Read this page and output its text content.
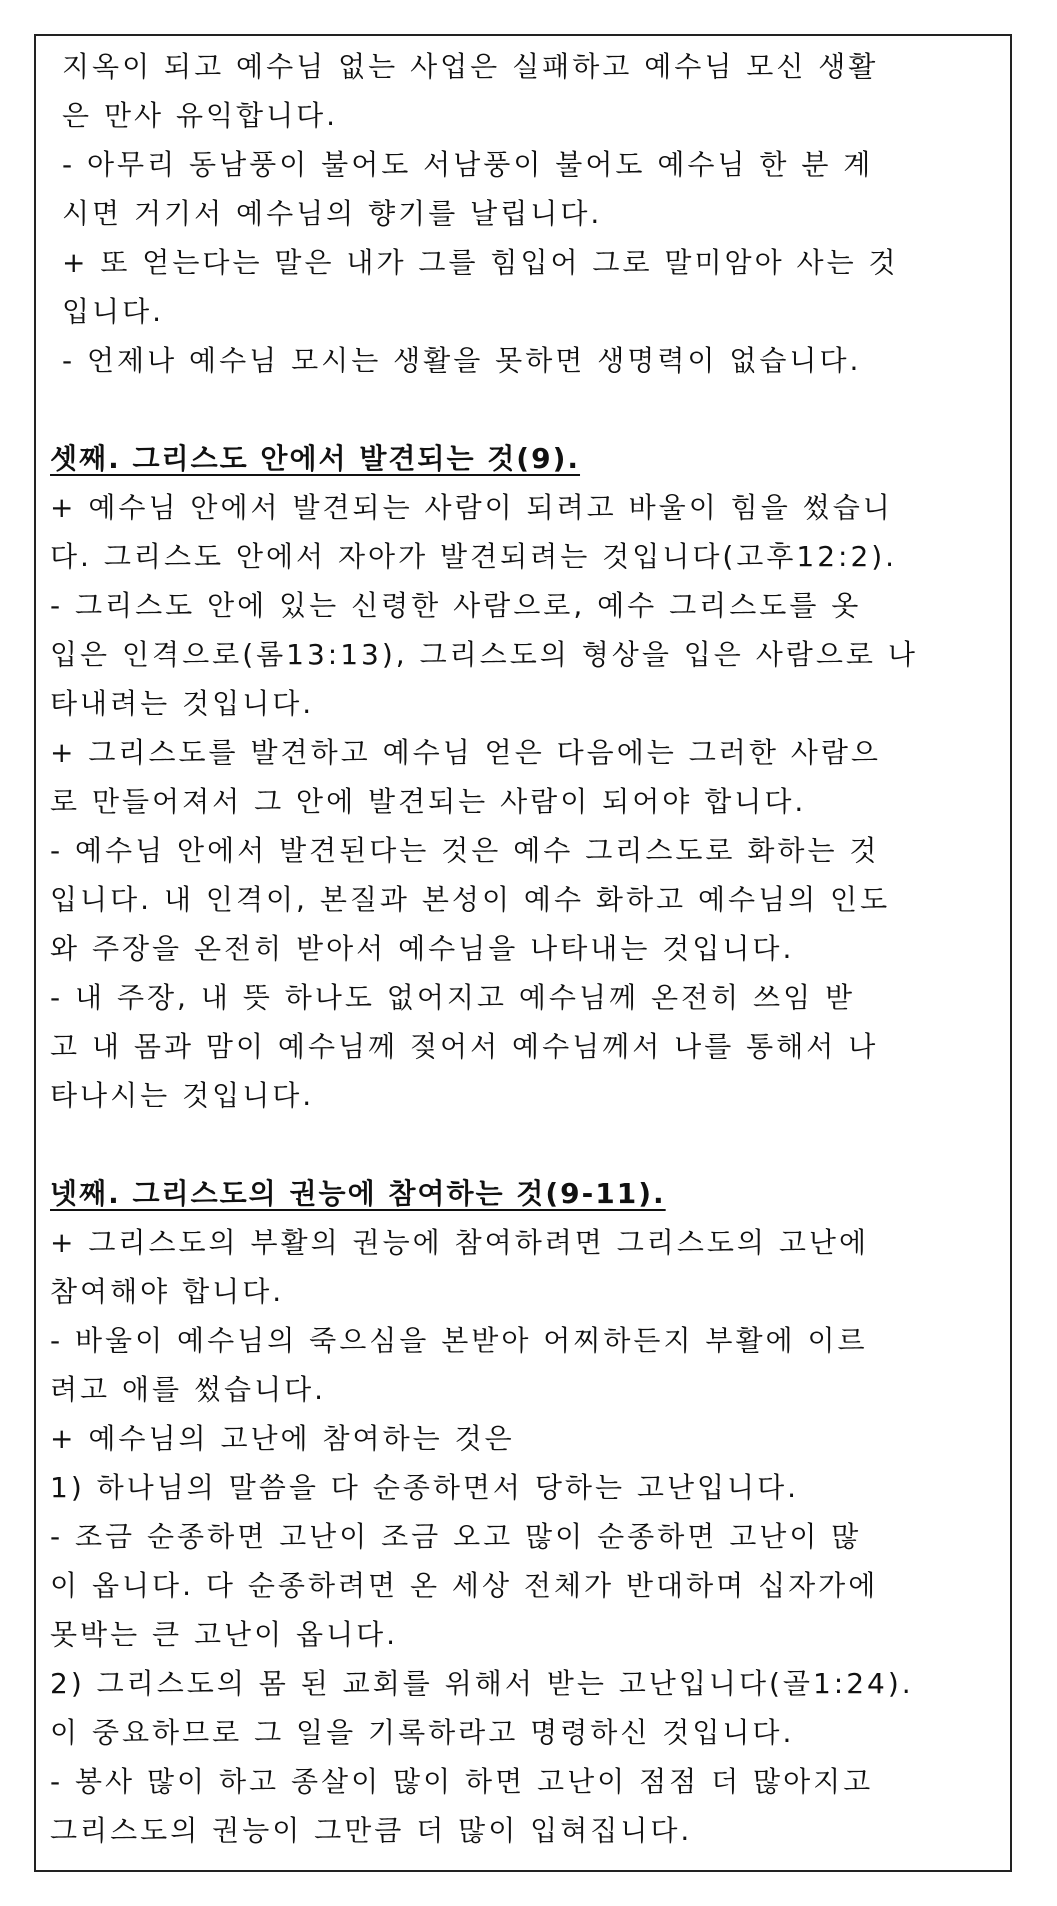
지옥이 되고 예수님 없는 사업은 실패하고 예수님 모신 생활
은 만사 유익합니다.
- 아무리 동남풍이 불어도 서남풍이 불어도 예수님 한 분 계
시면 거기서 예수님의 향기를 날립니다.
+ 또 얻는다는 말은 내가 그를 힘입어 그로 말미암아 사는 것
입니다.
- 언제나 예수님 모시는 생활을 못하면 생명력이 없습니다.
셋째. 그리스도 안에서 발견되는 것(9).
+ 예수님 안에서 발견되는 사람이 되려고 바울이 힘을 썼습니
다. 그리스도 안에서 자아가 발견되려는 것입니다(고후12:2).
- 그리스도 안에 있는 신령한 사람으로, 예수 그리스도를 옷
입은 인격으로(롬13:13), 그리스도의 형상을 입은 사람으로 나
타내려는 것입니다.
+ 그리스도를 발견하고 예수님 얻은 다음에는 그러한 사람으
로 만들어져서 그 안에 발견되는 사람이 되어야 합니다.
- 예수님 안에서 발견된다는 것은 예수 그리스도로 화하는 것
입니다. 내 인격이, 본질과 본성이 예수 화하고 예수님의 인도
와 주장을 온전히 받아서 예수님을 나타내는 것입니다.
- 내 주장, 내 뜻 하나도 없어지고 예수님께 온전히 쓰임 받
고 내 몸과 맘이 예수님께 젖어서 예수님께서 나를 통해서 나
타나시는 것입니다.
넷째. 그리스도의 권능에 참여하는 것(9-11).
+ 그리스도의 부활의 권능에 참여하려면 그리스도의 고난에
참여해야 합니다.
- 바울이 예수님의 죽으심을 본받아 어찌하든지 부활에 이르
려고 애를 썼습니다.
+ 예수님의 고난에 참여하는 것은
1) 하나님의 말씀을 다 순종하면서 당하는 고난입니다.
- 조금 순종하면 고난이 조금 오고 많이 순종하면 고난이 많
이 옵니다. 다 순종하려면 온 세상 전체가 반대하며 십자가에
못박는 큰 고난이 옵니다.
2) 그리스도의 몸 된 교회를 위해서 받는 고난입니다(골1:24).
이 중요하므로 그 일을 기록하라고 명령하신 것입니다.
- 봉사 많이 하고 종살이 많이 하면 고난이 점점 더 많아지고
그리스도의 권능이 그만큼 더 많이 입혀집니다.
